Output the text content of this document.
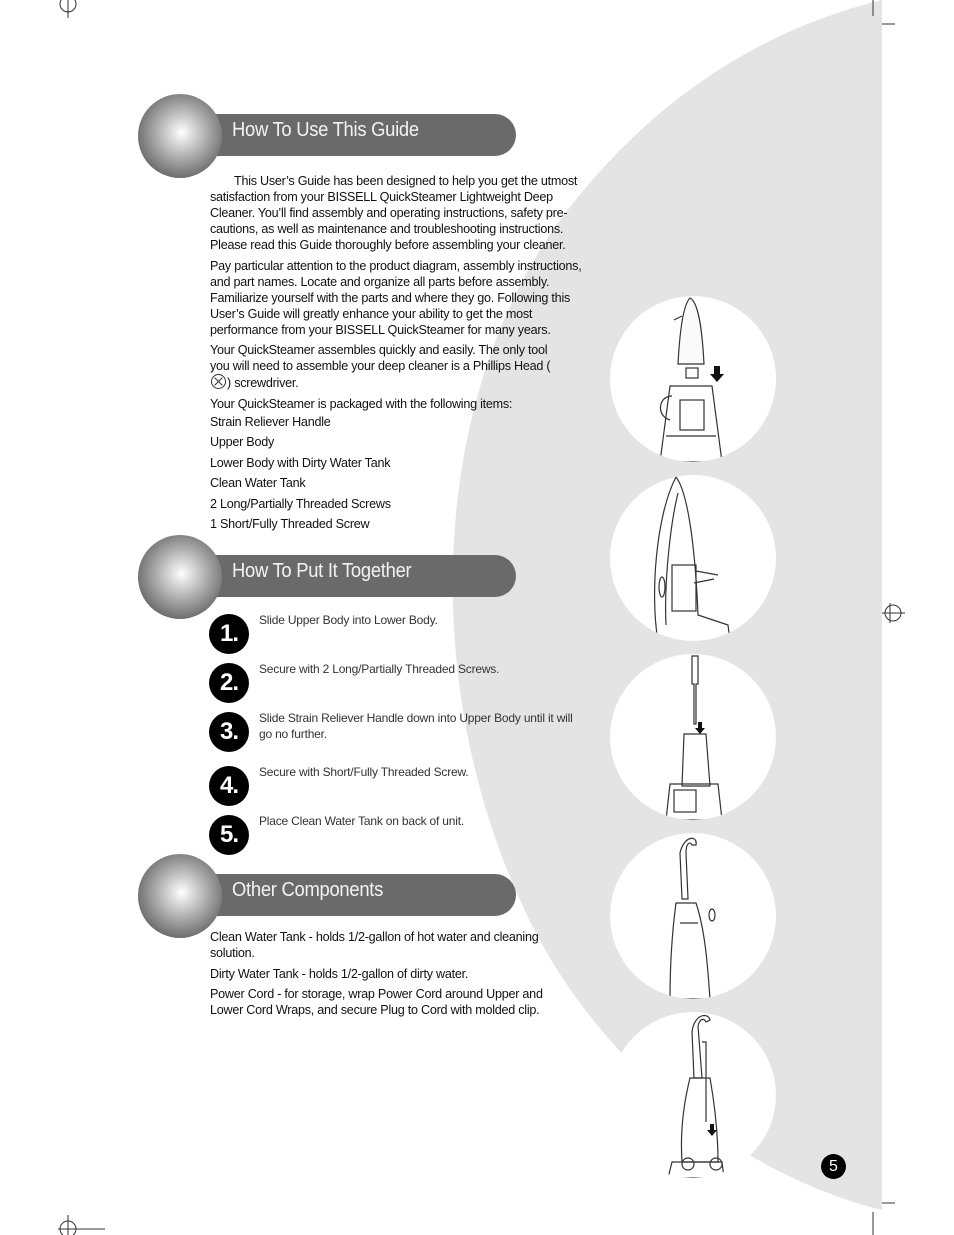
How To Use This Guide

This User’s Guide has been designed to help you get the utmost satisfaction from your BISSELL QuickSteamer Lightweight Deep Cleaner. You’ll find assembly and operating instructions, safety pre-cautions, as well as maintenance and troubleshooting instructions. Please read this Guide thoroughly before assembling your cleaner.

Pay particular attention to the product diagram, assembly instructions, and part names. Locate and organize all parts before assembly. Familiarize yourself with the parts and where they go. Following this User’s Guide will greatly enhance your ability to get the most performance from your BISSELL QuickSteamer for many years.

Your QuickSteamer assembles quickly and easily. The only tool you will need to assemble your deep cleaner is a Phillips Head () screwdriver.

Your QuickSteamer is packaged with the following items:

Strain Reliever Handle
Upper Body
Lower Body with Dirty Water Tank
Clean Water Tank
2 Long/Partially Threaded Screws
1 Short/Fully Threaded Screw
How To Put It Together
1.	Slide Upper Body into Lower Body.
2.	Secure with 2 Long/Partially Threaded Screws.
3.	Slide Strain Reliever Handle down into Upper Body until it will go no further.
4.	Secure with Short/Fully Threaded Screw.
5.	Place Clean Water Tank on back of unit.
Other Components

Clean Water Tank - holds 1/2-gallon of hot water and cleaning solution.

Dirty Water Tank - holds 1/2-gallon of dirty water.

Power Cord - for storage, wrap Power Cord around Upper and Lower Cord Wraps, and secure Plug to Cord with molded clip.

5
